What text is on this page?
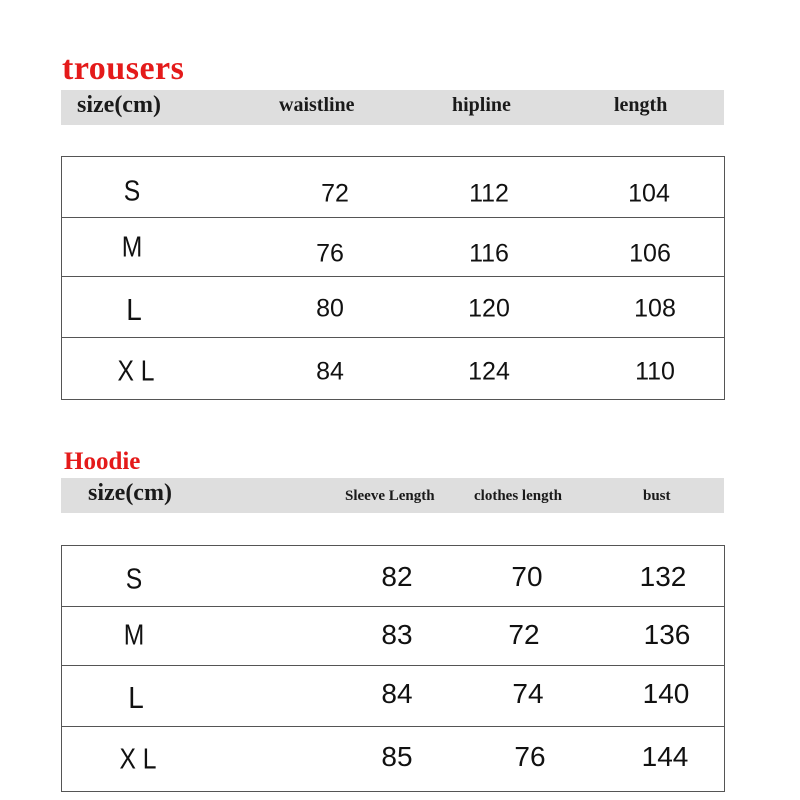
trousers
size(cm)	waistline	hipline	length
S	72	112	104
M	76	116	106
L	80	120	108
X L	84	124	110
Hoodie
size(cm)	Sleeve Length	clothes length	bust
S	82	70	132
M	83	72	136
L	84	74	140
X L	85	76	144
